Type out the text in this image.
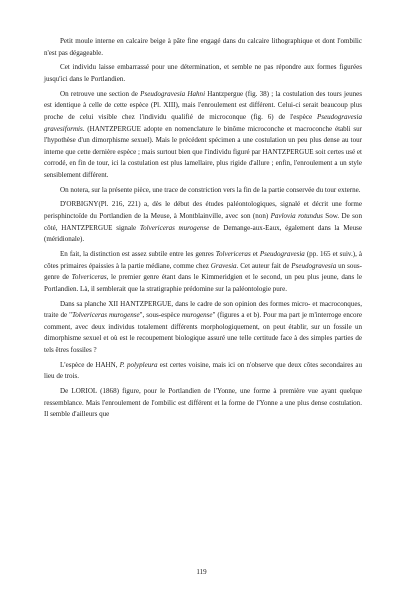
Petit moule interne en calcaire beige à pâte fine engagé dans du calcaire lithographique et dont l'ombilic n'est pas dégageable.

Cet individu laisse embarrassé pour une détermination, et semble ne pas répondre aux formes figurées jusqu'ici dans le Portlandien.

On retrouve une section de Pseudogravesia Hahni Hantzpergue (fig. 38) ; la costulation des tours jeunes est identique à celle de cette espèce (Pl. XIII), mais l'enroulement est différent. Celui-ci serait beaucoup plus proche de celui visible chez l'individu qualifié de microconque (fig. 6) de l'espèce Pseudogravesia gravesiformis. (HANTZPERGUE adopte en nomenclature le binôme microconche et macroconche établi sur l'hypothèse d'un dimorphisme sexuel). Mais le précédent spécimen a une costulation un peu plus dense au tour interne que cette dernière espèce ; mais surtout bien que l'individu figuré par HANTZPERGUE soit certes usé et corrodé, en fin de tour, ici la costulation est plus lamellaire, plus rigide d'allure ; enfin, l'enroulement a un style sensiblement différent.

On notera, sur la présente pièce, une trace de constriction vers la fin de la partie conservée du tour externe.

D'ORBIGNY(Pl. 216, 221) a, dès le début des études paléontologiques, signalé et décrit une forme perisphinctoïde du Portlandien de la Meuse, à Montblainville, avec son (non) Pavlovia rotundus Sow. De son côté, HANTZPERGUE signale Tolvericeras murogense de Demange-aux-Eaux, également dans la Meuse (méridionale).

En fait, la distinction est assez subtile entre les genres Tolvericeras et Pseudogravesia (pp. 165 et suiv.), à côtes primaires épaissies à la partie médiane, comme chez Gravesia. Cet auteur fait de Pseudogravesia un sous-genre de Tolvericeras, le premier genre étant dans le Kimmeridgien et le second, un peu plus jeune, dans le Portlandien. Là, il semblerait que la stratigraphie prédomine sur la paléontologie pure.

Dans sa planche XII HANTZPERGUE, dans le cadre de son opinion des formes micro- et macroconques, traite de "Tolvericeras murogense", sous-espèce murogense" (figures a et b). Pour ma part je m'interroge encore comment, avec deux individus totalement différents morphologiquement, on peut établir, sur un fossile un dimorphisme sexuel et où est le recoupement biologique assuré une telle certitude face à des simples parties de tels êtres fossiles ?

L'espèce de HAHN, P. polypleura est certes voisine, mais ici on n'observe que deux côtes secondaires au lieu de trois.

De LORIOL (1868) figure, pour le Portlandien de l'Yonne, une forme à première vue ayant quelque ressemblance. Mais l'enroulement de l'ombilic est différent et la forme de l'Yonne a une plus dense costulation. Il semble d'ailleurs que

119
